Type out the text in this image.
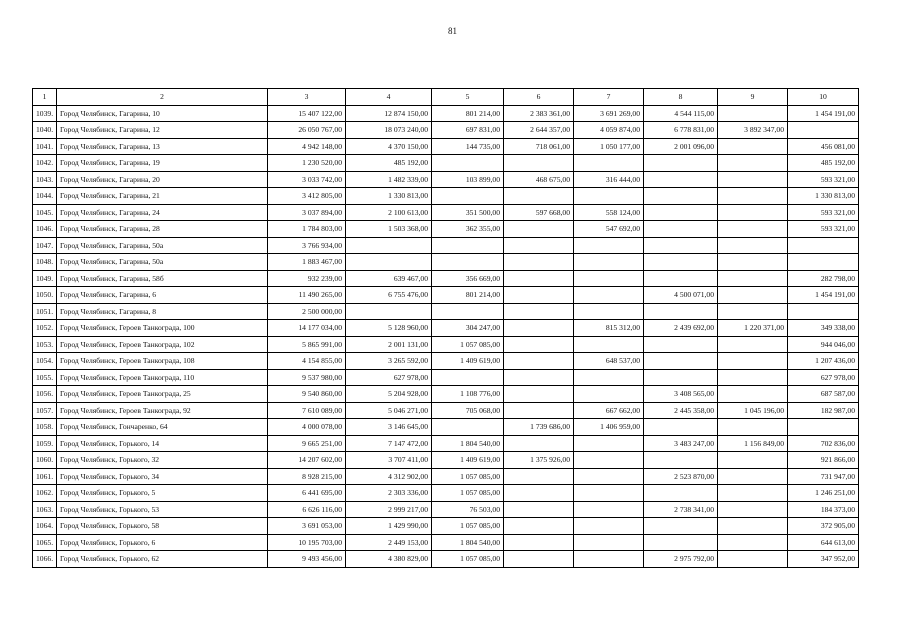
81
1	2	3	4	5	6	7	8	9	10
1039.	Город Челябинск, Гагарина, 10	15 407 122,00	12 874 150,00	801 214,00	2 383 361,00	3 691 269,00	4 544 115,00		1 454 191,00
1040.	Город Челябинск, Гагарина, 12	26 050 767,00	18 073 240,00	697 831,00	2 644 357,00	4 059 874,00	6 778 831,00	3 892 347,00	
1041.	Город Челябинск, Гагарина, 13	4 942 148,00	4 370 150,00	144 735,00	718 061,00	1 050 177,00	2 001 096,00		456 081,00
1042.	Город Челябинск, Гагарина, 19	1 230 520,00	485 192,00						485 192,00
1043.	Город Челябинск, Гагарина, 20	3 033 742,00	1 482 339,00	103 899,00	468 675,00	316 444,00			593 321,00
1044.	Город Челябинск, Гагарина, 21	3 412 805,00	1 330 813,00						1 330 813,00
1045.	Город Челябинск, Гагарина, 24	3 037 894,00	2 100 613,00	351 500,00	597 668,00	558 124,00			593 321,00
1046.	Город Челябинск, Гагарина, 28	1 784 803,00	1 503 368,00	362 355,00		547 692,00			593 321,00
1047.	Город Челябинск, Гагарина, 50а	3 766 934,00							
1048.	Город Челябинск, Гагарина, 50а	1 883 467,00							
1049.	Город Челябинск, Гагарина, 58б	932 239,00	639 467,00	356 669,00					282 798,00
1050.	Город Челябинск, Гагарина, 6	11 490 265,00	6 755 476,00	801 214,00			4 500 071,00		1 454 191,00
1051.	Город Челябинск, Гагарина, 8	2 500 000,00							
1052.	Город Челябинск, Героев Танкограда, 100	14 177 034,00	5 128 960,00	304 247,00		815 312,00	2 439 692,00	1 220 371,00	349 338,00
1053.	Город Челябинск, Героев Танкограда, 102	5 865 991,00	2 001 131,00	1 057 085,00					944 046,00
1054.	Город Челябинск, Героев Танкограда, 108	4 154 855,00	3 265 592,00	1 409 619,00		648 537,00			1 207 436,00
1055.	Город Челябинск, Героев Танкограда, 110	9 537 980,00	627 978,00						627 978,00
1056.	Город Челябинск, Героев Танкограда, 25	9 540 860,00	5 204 928,00	1 108 776,00			3 408 565,00		687 587,00
1057.	Город Челябинск, Героев Танкограда, 92	7 610 089,00	5 046 271,00	705 068,00		667 662,00	2 445 358,00	1 045 196,00	182 987,00
1058.	Город Челябинск, Гончаренко, 64	4 000 078,00	3 146 645,00		1 739 686,00	1 406 959,00			
1059.	Город Челябинск, Горького, 14	9 665 251,00	7 147 472,00	1 804 540,00			3 483 247,00	1 156 849,00	702 836,00
1060.	Город Челябинск, Горького, 32	14 207 602,00	3 707 411,00	1 409 619,00	1 375 926,00				921 866,00
1061.	Город Челябинск, Горького, 34	8 928 215,00	4 312 902,00	1 057 085,00			2 523 870,00		731 947,00
1062.	Город Челябинск, Горького, 5	6 441 695,00	2 303 336,00	1 057 085,00					1 246 251,00
1063.	Город Челябинск, Горького, 53	6 626 116,00	2 999 217,00	76 503,00			2 738 341,00		184 373,00
1064.	Город Челябинск, Горького, 58	3 691 053,00	1 429 990,00	1 057 085,00					372 905,00
1065.	Город Челябинск, Горького, 6	10 195 703,00	2 449 153,00	1 804 540,00					644 613,00
1066.	Город Челябинск, Горького, 62	9 493 456,00	4 380 829,00	1 057 085,00			2 975 792,00		347 952,00
